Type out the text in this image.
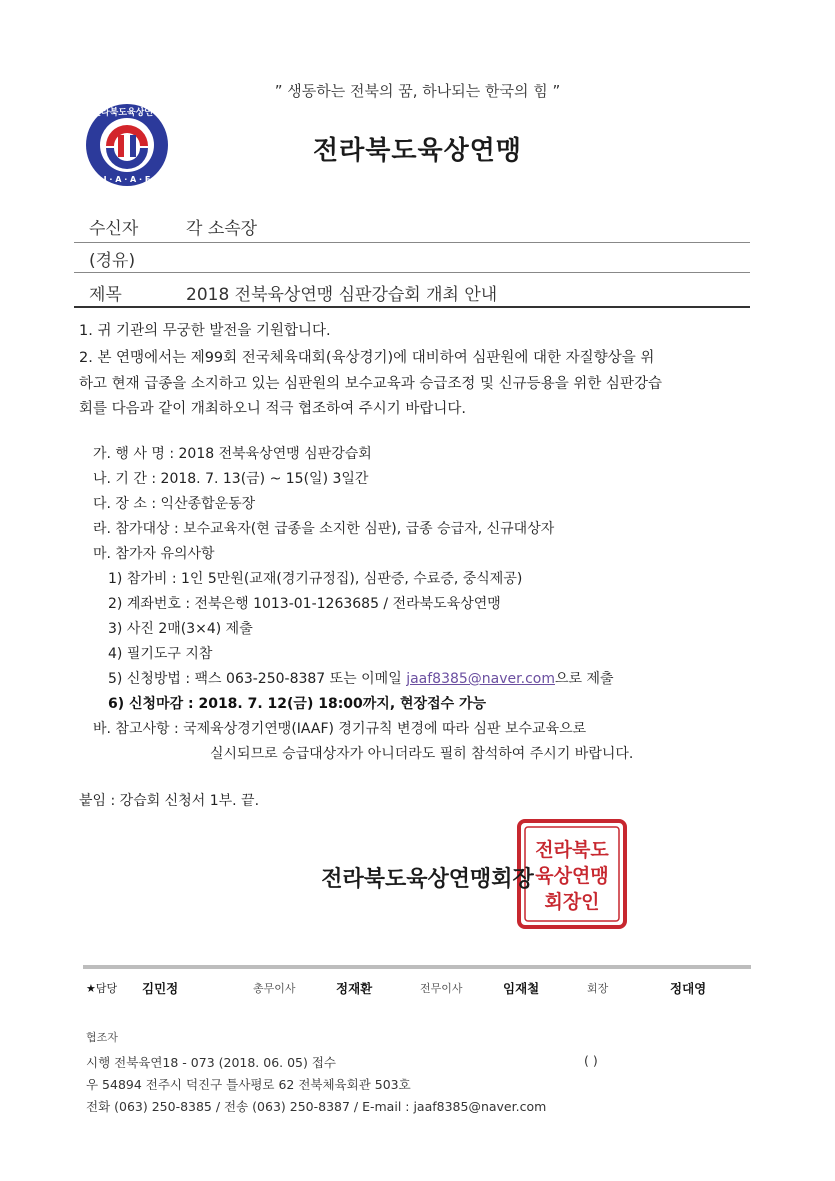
” 생동하는 전북의 꿈, 하나되는 한국의 힘 ”
전라북도육상연맹
J · A · A · F
전라북도육상연맹
수신자	각 소속장
(경유)
제목	2018 전북육상연맹 심판강습회 개최 안내
1. 귀 기관의 무궁한 발전을 기원합니다.
2. 본 연맹에서는 제99회 전국체육대회(육상경기)에 대비하여 심판원에 대한 자질향상을 위
하고 현재 급종을 소지하고 있는 심판원의 보수교육과 승급조정 및 신규등용을 위한 심판강습
회를 다음과 같이 개최하오니 적극 협조하여 주시기 바랍니다.
가. 행 사 명 : 2018 전북육상연맹 심판강습회
나. 기 간 : 2018. 7. 13(금) ~ 15(일) 3일간
다. 장 소 : 익산종합운동장
라. 참가대상 : 보수교육자(현 급종을 소지한 심판), 급종 승급자, 신규대상자
마. 참가자 유의사항
1) 참가비 : 1인 5만원(교재(경기규정집), 심판증, 수료증, 중식제공)
2) 계좌번호 : 전북은행 1013-01-1263685 / 전라북도육상연맹
3) 사진 2매(3×4) 제출
4) 필기도구 지참
5) 신청방법 : 팩스 063-250-8387 또는 이메일 jaaf8385@naver.com으로 제출
6) 신청마감 : 2018. 7. 12(금) 18:00까지, 현장접수 가능
바. 참고사항 : 국제육상경기연맹(IAAF) 경기규칙 변경에 따라 심판 보수교육으로
실시되므로 승급대상자가 아니더라도 필히 참석하여 주시기 바랍니다.
붙임 : 강습회 신청서 1부. 끝.
전라북도
육상연맹
회장인
전라북도육상연맹회장
★담당 김민정	총무이사	정재환	전무이사	임재철	회장	정대영
협조자
시행 전북육연18 - 073 (2018. 06. 05) 접수	( )
우 54894 전주시 덕진구 틀사평로 62 전북체육회관 503호
전화 (063) 250-8385 / 전송 (063) 250-8387 / E-mail : jaaf8385@naver.com
